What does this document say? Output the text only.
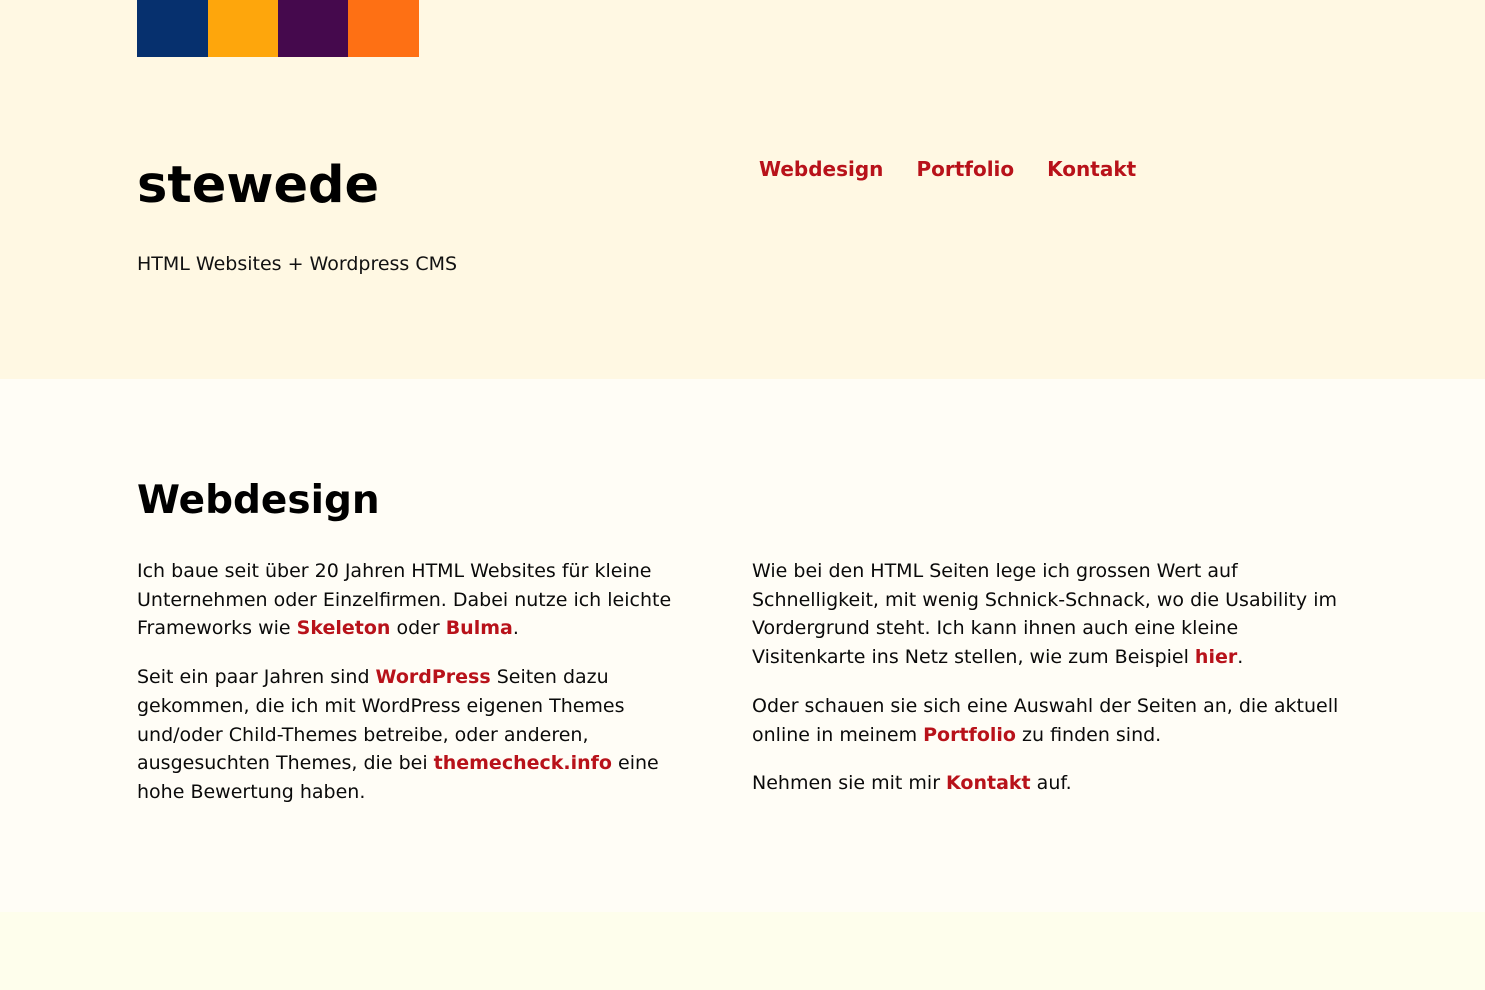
stewede

HTML Websites + Wordpress CMS

Webdesign Portfolio Kontakt
Webdesign

Ich baue seit über 20 Jahren HTML Websites für kleine Unternehmen oder Einzelfirmen. Dabei nutze ich leichte Frameworks wie Skeleton oder Bulma.

Seit ein paar Jahren sind WordPress Seiten dazu gekommen, die ich mit WordPress eigenen Themes und/oder Child-Themes betreibe, oder anderen, ausgesuchten Themes, die bei themecheck.info eine hohe Bewertung haben.

Wie bei den HTML Seiten lege ich grossen Wert auf Schnelligkeit, mit wenig Schnick-Schnack, wo die Usability im Vordergrund steht. Ich kann ihnen auch eine kleine Visitenkarte ins Netz stellen, wie zum Beispiel hier.

Oder schauen sie sich eine Auswahl der Seiten an, die aktuell online in meinem Portfolio zu finden sind.

Nehmen sie mit mir Kontakt auf.
